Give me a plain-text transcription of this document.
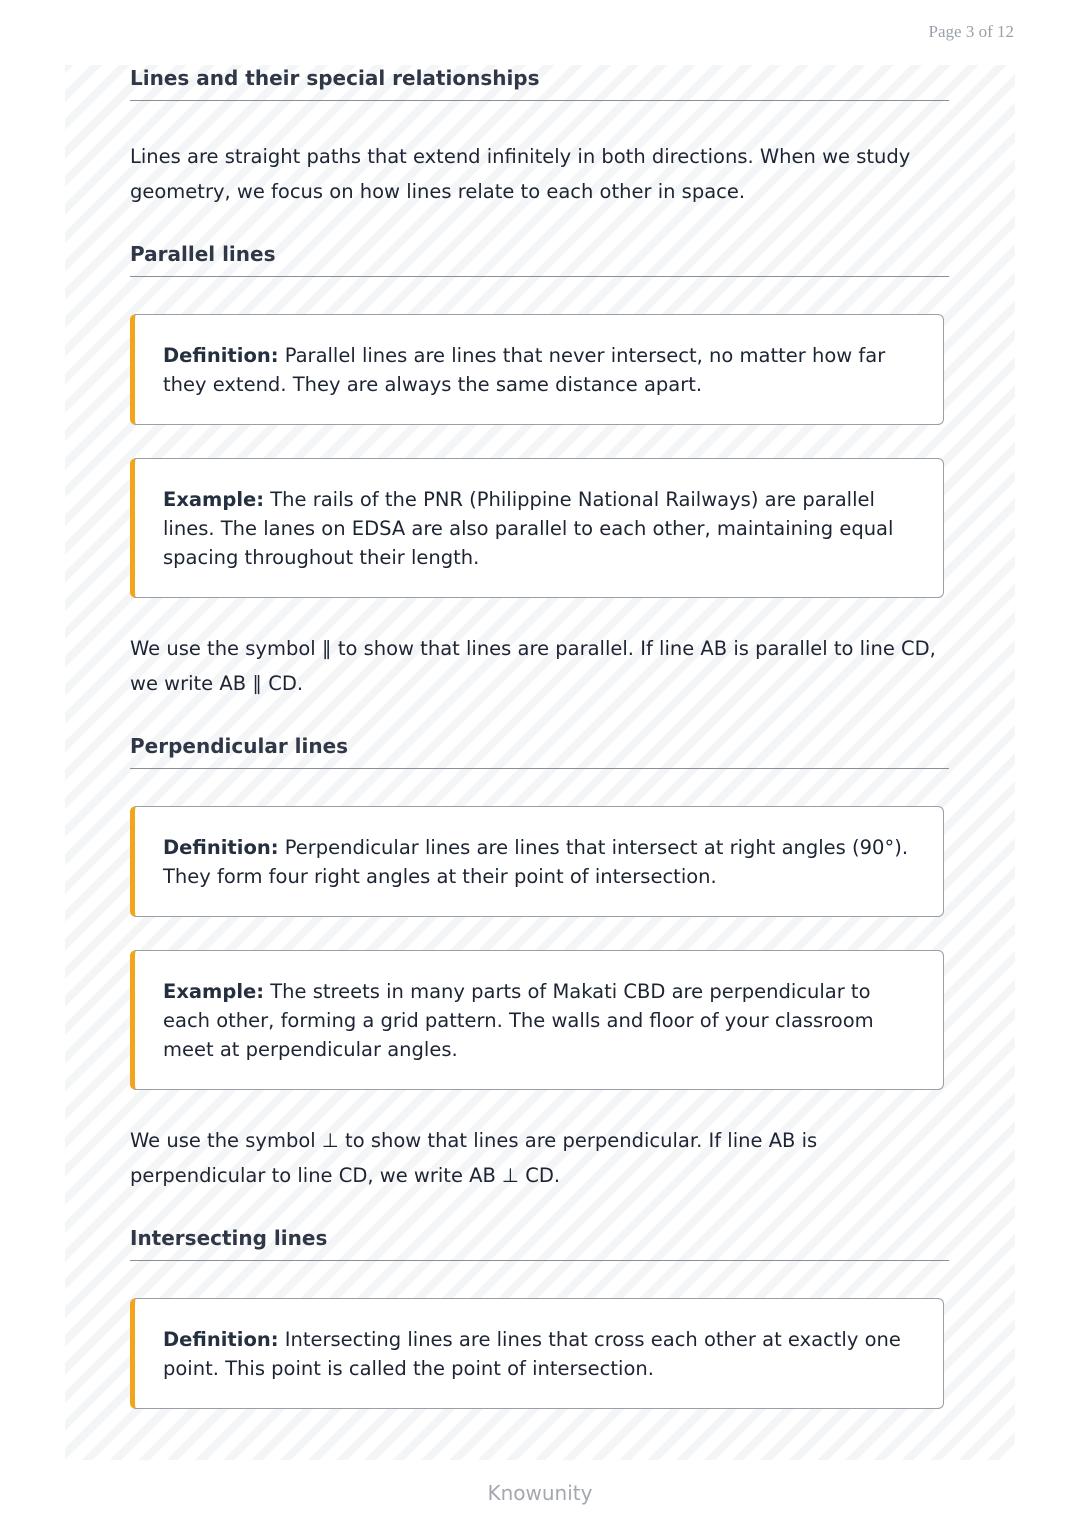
Page 3 of 12
Lines and their special relationships

Lines are straight paths that extend infinitely in both directions. When we study geometry, we focus on how lines relate to each other in space.

Parallel lines
Definition: Parallel lines are lines that never intersect, no matter how far they extend. They are always the same distance apart.
Example: The rails of the PNR (Philippine National Railways) are parallel lines. The lanes on EDSA are also parallel to each other, maintaining equal spacing throughout their length.

We use the symbol ∥ to show that lines are parallel. If line AB is parallel to line CD, we write AB ∥ CD.

Perpendicular lines
Definition: Perpendicular lines are lines that intersect at right angles (90°). They form four right angles at their point of intersection.
Example: The streets in many parts of Makati CBD are perpendicular to each other, forming a grid pattern. The walls and floor of your classroom meet at perpendicular angles.

We use the symbol ⊥ to show that lines are perpendicular. If line AB is perpendicular to line CD, we write AB ⊥ CD.

Intersecting lines
Definition: Intersecting lines are lines that cross each other at exactly one point. This point is called the point of intersection.
Knowunity
